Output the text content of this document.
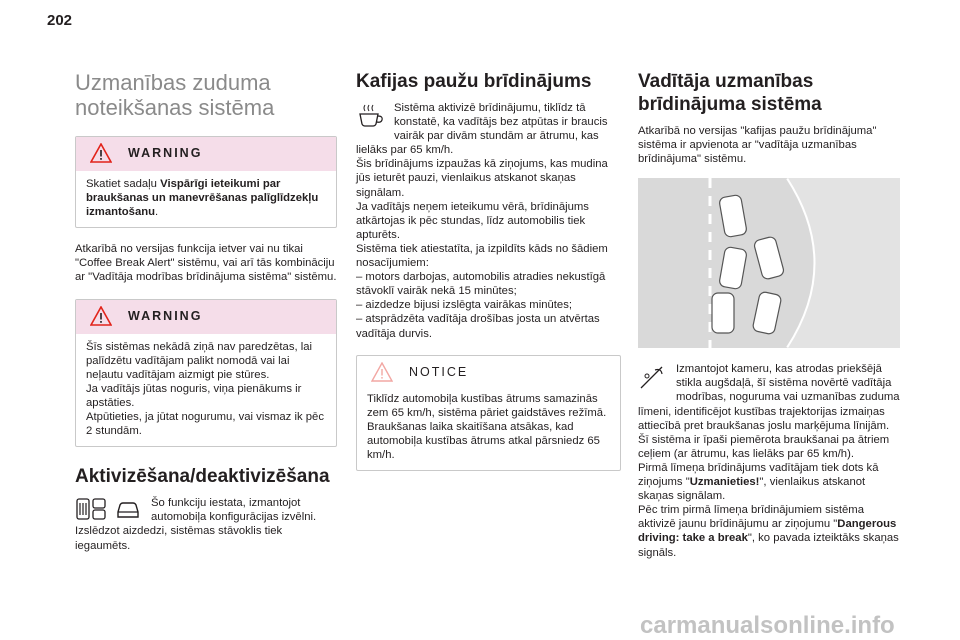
202
Uzmanības zuduma noteikšanas sistēma
WARNING
Skatiet sadaļu Vispārīgi ieteikumi par braukšanas un manevrēšanas palīglīdzekļu izmantošanu.

Atkarībā no versijas funkcija ietver vai nu tikai "Coffee Break Alert" sistēmu, vai arī tās kombināciju ar "Vadītāja modrības brīdinājuma sistēma" sistēmu.

WARNING
Šīs sistēmas nekādā ziņā nav paredzētas, lai palīdzētu vadītājam palikt nomodā vai lai neļautu vadītājam aizmigt pie stūres.
Ja vadītājs jūtas noguris, viņa pienākums ir apstāties.
Atpūtieties, ja jūtat nogurumu, vai vismaz ik pēc 2 stundām.
Aktivizēšana/deaktivizēšana

Šo funkciju iestata, izmantojot automobiļa konfigurācijas izvēlni. Izslēdzot aizdedzi, sistēmas stāvoklis tiek iegaumēts.

Kafijas paužu brīdinājums

Sistēma aktivizē brīdinājumu, tiklīdz tā konstatē, ka vadītājs bez atpūtas ir braucis vairāk par divām stundām ar ātrumu, kas lielāks par 65 km/h.
Šis brīdinājums izpaužas kā ziņojums, kas mudina jūs ieturēt pauzi, vienlaikus atskanot skaņas signālam.
Ja vadītājs neņem ieteikumu vērā, brīdinājums atkārtojas ik pēc stundas, līdz automobilis tiek apturēts.
Sistēma tiek atiestatīta, ja izpildīts kāds no šādiem nosacījumiem:
– motors darbojas, automobilis atradies nekustīgā stāvoklī vairāk nekā 15 minūtes;
– aizdedze bijusi izslēgta vairākas minūtes;
– atsprādzēta vadītāja drošības josta un atvērtas vadītāja durvis.

NOTICE
Tiklīdz automobiļa kustības ātrums samazinās zem 65 km/h, sistēma pāriet gaidstāves režīmā.
Braukšanas laika skaitīšana atsākas, kad automobiļa kustības ātrums atkal pārsniedz 65 km/h.
Vadītāja uzmanības brīdinājuma sistēma

Atkarībā no versijas "kafijas paužu brīdinājuma" sistēma ir apvienota ar "vadītāja uzmanības brīdinājuma" sistēmu.

Izmantojot kameru, kas atrodas priekšējā stikla augšdaļā, šī sistēma novērtē vadītāja modrības, noguruma vai uzmanības zuduma līmeni, identificējot kustības trajektorijas izmaiņas attiecībā pret braukšanas joslu marķējuma līnijām.
Šī sistēma ir īpaši piemērota braukšanai pa ātriem ceļiem (ar ātrumu, kas lielāks par 65 km/h).
Pirmā līmeņa brīdinājums vadītājam tiek dots kā ziņojums "Uzmanieties!", vienlaikus atskanot skaņas signālam.
Pēc trim pirmā līmeņa brīdinājumiem sistēma aktivizē jaunu brīdinājumu ar ziņojumu "Dangerous driving: take a break", ko pavada izteiktāks skaņas signāls.

carmanualsonline.info
